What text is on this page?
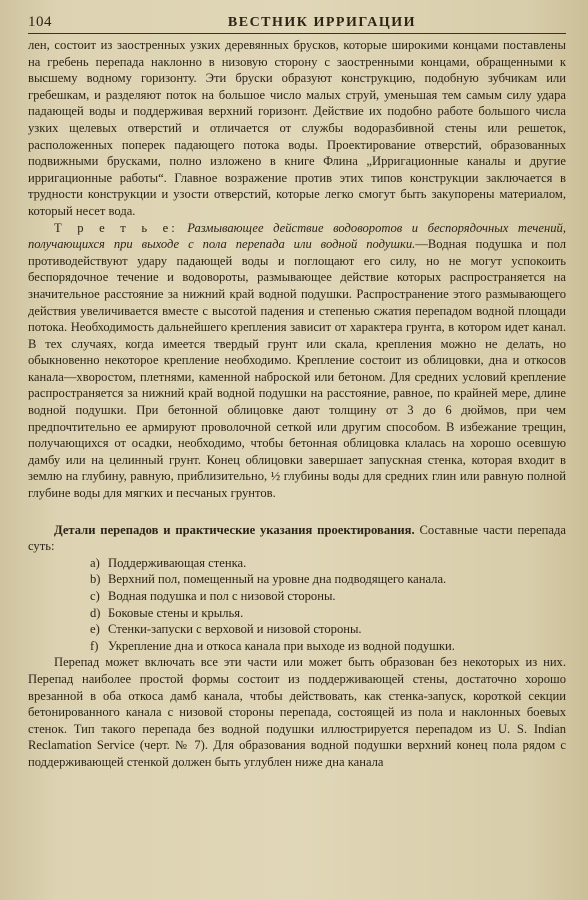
104	ВЕСТНИК ИРРИГАЦИИ

лен, состоит из заостренных узких деревянных брусков, которые широкими концами поставлены на гребень перепада наклонно в низовую сторону с заостренными концами, обращенными к высшему водному горизонту. Эти бруски образуют конструкцию, подобную зубчикам или гребешкам, и разделяют поток на большое число малых струй, уменьшая тем самым силу удара падающей воды и поддерживая верхний горизонт. Действие их подобно работе большого числа узких щелевых отверстий и отличается от службы водоразбивной стены или решеток, расположенных поперек падающего потока воды. Проектирование отверстий, образованных подвижными брусками, полно изложено в книге Флина „Ирригационные каналы и другие ирригационные работы“. Главное возражение против этих типов конструкции заключается в трудности конструкции и узости отверстий, которые легко смогут быть закупорены материалом, который несет вода.

Т р е т ь е: Размывающее действие водоворотов и беспорядочных течений, получающихся при выходе с пола перепада или водной подушки.—Водная подушка и пол противодействуют удару падающей воды и поглощают его силу, но не могут успокоить беспорядочное течение и водовороты, размывающее действие которых распространяется на значительное расстояние за нижний край водной подушки. Распространение этого размывающего действия увеличивается вместе с высотой падения и степенью сжатия перепадом водной площади потока. Необходимость дальнейшего крепления зависит от характера грунта, в котором идет канал. В тех случаях, когда имеется твердый грунт или скала, крепления можно не делать, но обыкновенно некоторое крепление необходимо. Крепление состоит из облицовки, дна и откосов канала—хворостом, плетнями, каменной наброской или бетоном. Для средних условий крепление распространяется за нижний край водной подушки на расстояние, равное, по крайней мере, длине водной подушки. При бетонной облицовке дают толщину от 3 до 6 дюймов, при чем предпочтительно ее армируют проволочной сеткой или другим способом. В избежание трещин, получающихся от осадки, необходимо, чтобы бетонная облицовка клалась на хорошо осевшую дамбу или на целинный грунт. Конец облицовки завершает запускная стенка, которая входит в землю на глубину, равную, приблизительно, ½ глубины воды для средних глин или равную полной глубине воды для мягких и песчаных грунтов.

Детали перепадов и практические указания проектирования. Составные части перепада суть:

a) Поддерживающая стенка.
b) Верхний пол, помещенный на уровне дна подводящего канала.
c) Водная подушка и пол с низовой стороны.
d) Боковые стены и крылья.
e) Стенки-запуски с верховой и низовой стороны.
f) Укрепление дна и откоса канала при выходе из водной подушки.

Перепад может включать все эти части или может быть образован без некоторых из них. Перепад наиболее простой формы состоит из поддерживающей стены, достаточно хорошо врезанной в оба откоса дамб канала, чтобы действовать, как стенка-запуск, короткой секции бетонированного канала с низовой стороны перепада, состоящей из пола и наклонных боевых стенок. Тип такого перепада без водной подушки иллюстрируется перепадом из U. S. Indian Reclamation Service (черт. № 7). Для образования водной подушки верхний конец пола рядом с поддерживающей стенкой должен быть углублен ниже дна канала
